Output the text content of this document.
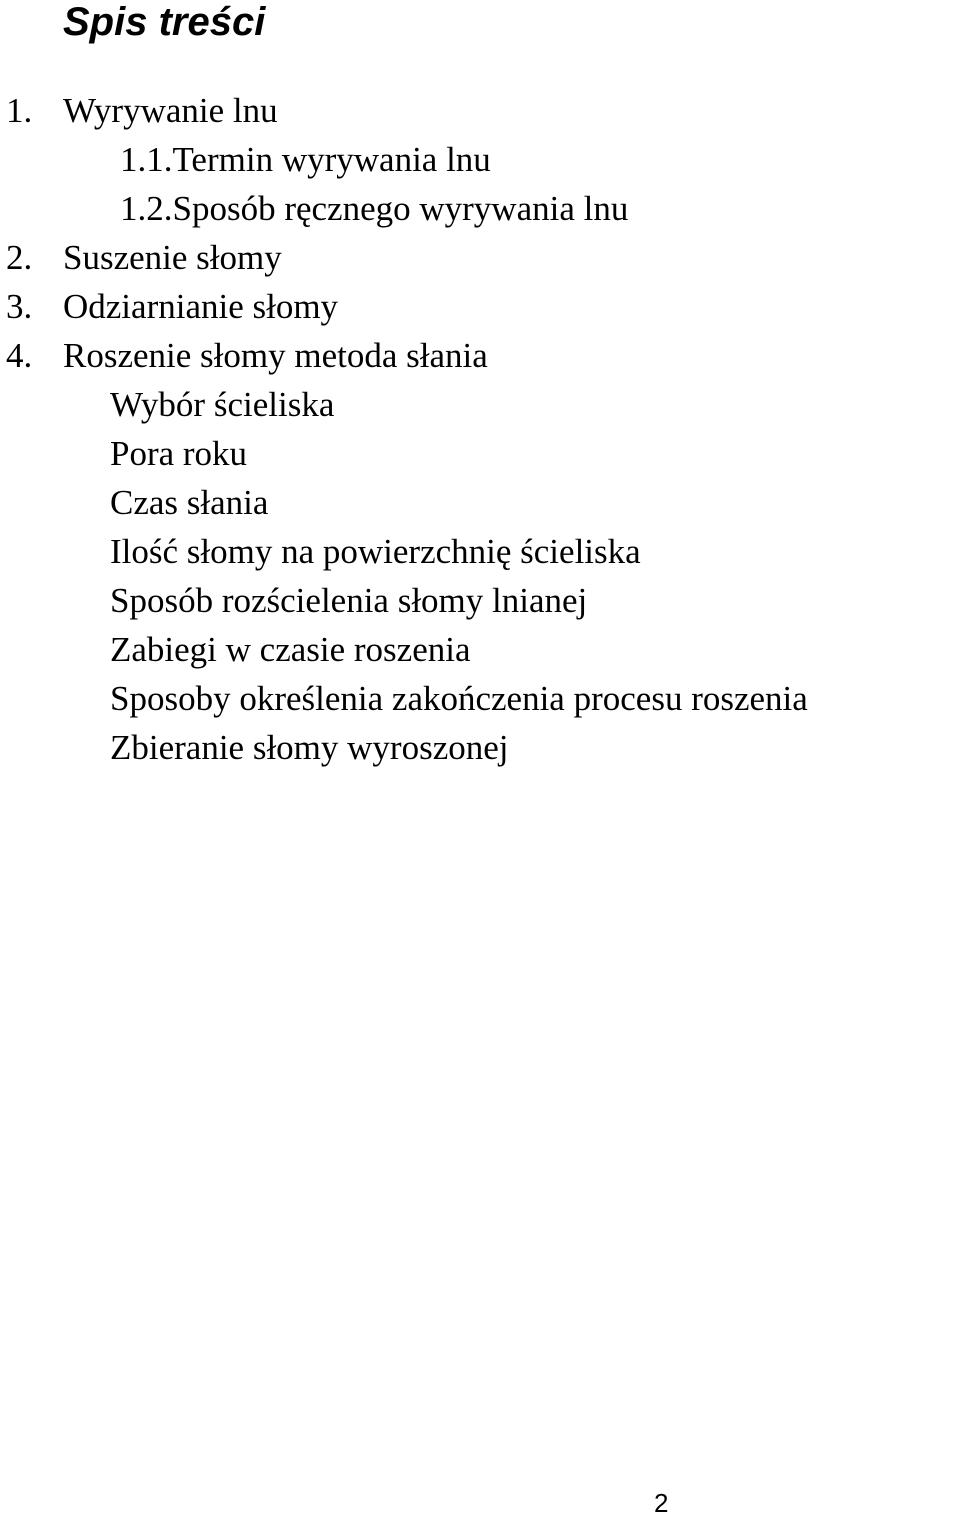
Spis treści
1. Wyrywanie lnu
1.1.Termin wyrywania lnu
1.2.Sposób ręcznego wyrywania lnu
2. Suszenie słomy
3. Odziarnianie słomy
4. Roszenie słomy metoda słania
Wybór ścieliska
Pora roku
Czas słania
Ilość słomy na powierzchnię ścieliska
Sposób rozścielenia słomy lnianej
Zabiegi w czasie roszenia
Sposoby określenia zakończenia procesu roszenia
Zbieranie słomy wyroszonej
2
